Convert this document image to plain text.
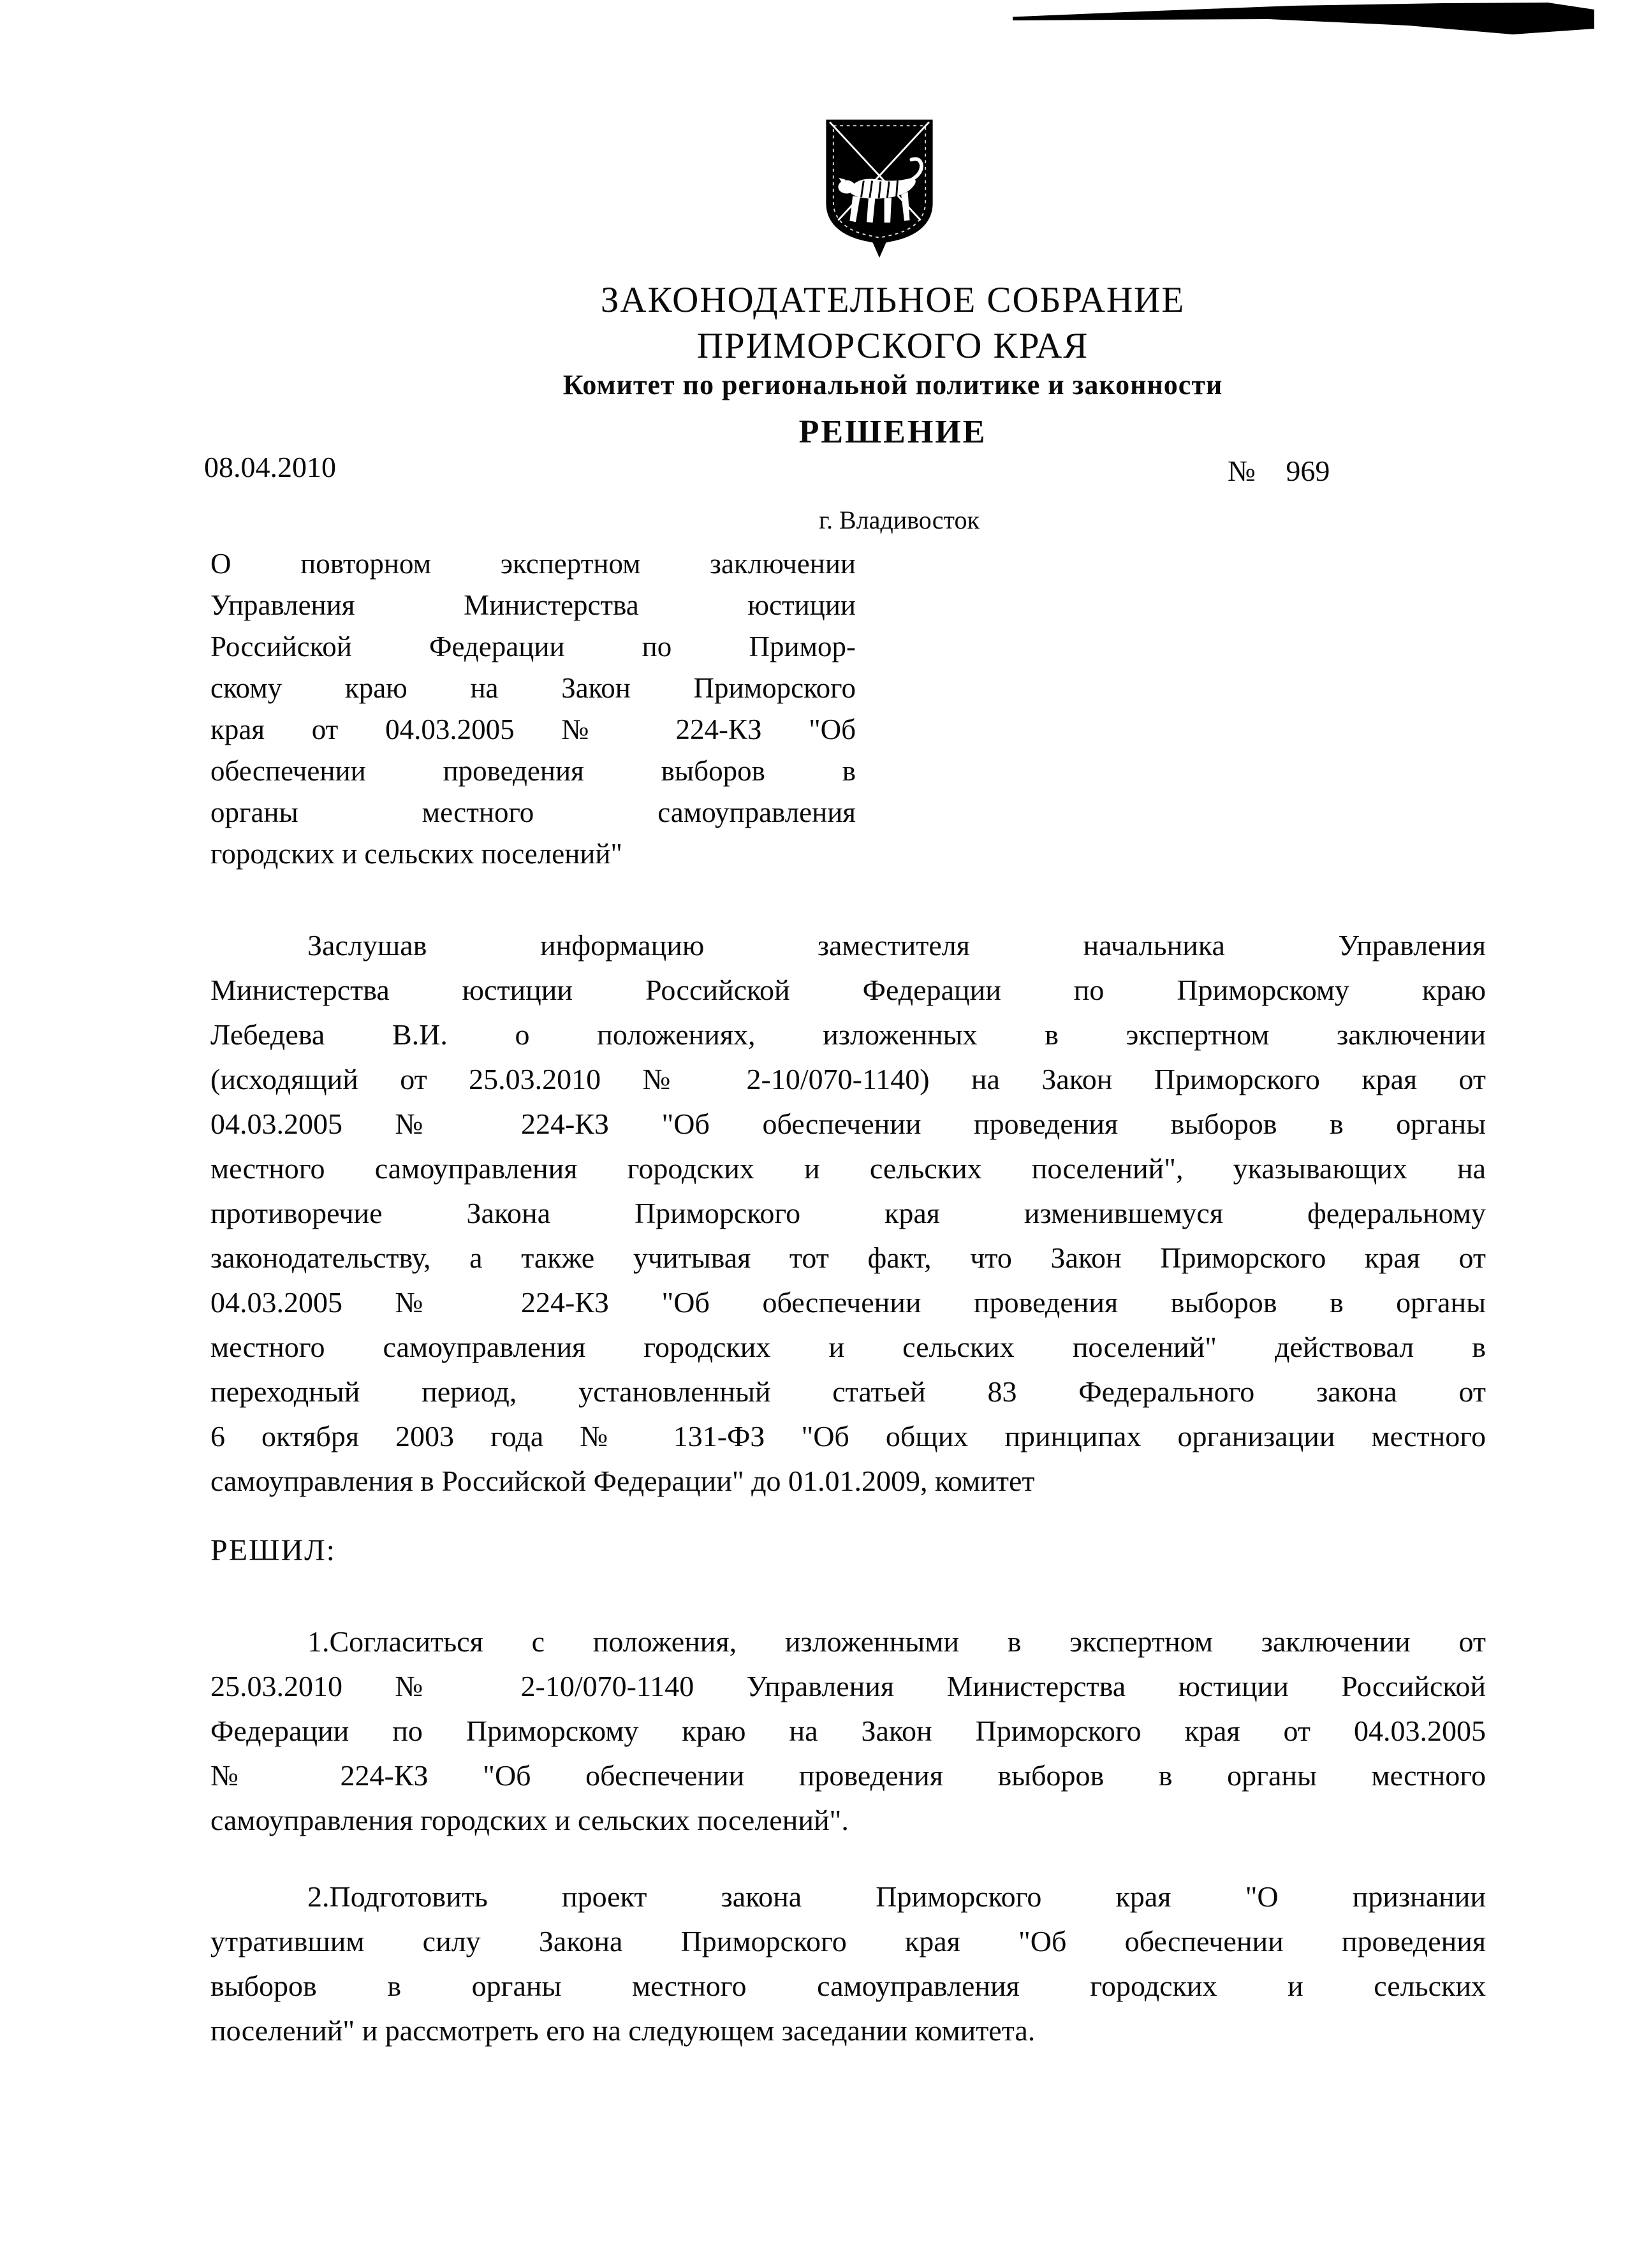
ЗАКОНОДАТЕЛЬНОЕ СОБРАНИЕ
ПРИМОРСКОГО КРАЯ
Комитет по региональной политике и законности
РЕШЕНИЕ
08.04.2010	№ 969
г. Владивосток
О повторном экспертном заключении
Управления Министерства юстиции
Российской Федерации по Примор-
скому краю на Закон Приморского
края от 04.03.2005 № 224-КЗ "Об
обеспечении проведения выборов в
органы местного самоуправления
городских и сельских поселений"
Заслушав информацию заместителя начальника Управления
Министерства юстиции Российской Федерации по Приморскому краю
Лебедева В.И. о положениях, изложенных в экспертном заключении
(исходящий от 25.03.2010 № 2-10/070-1140) на Закон Приморского края от
04.03.2005 № 224-КЗ "Об обеспечении проведения выборов в органы
местного самоуправления городских и сельских поселений", указывающих на
противоречие Закона Приморского края изменившемуся федеральному
законодательству, а также учитывая тот факт, что Закон Приморского края от
04.03.2005 № 224-КЗ "Об обеспечении проведения выборов в органы
местного самоуправления городских и сельских поселений" действовал в
переходный период, установленный статьей 83 Федерального закона от
6 октября 2003 года № 131-ФЗ "Об общих принципах организации местного
самоуправления в Российской Федерации" до 01.01.2009, комитет
РЕШИЛ:
1.Согласиться с положения, изложенными в экспертном заключении от
25.03.2010 № 2-10/070-1140 Управления Министерства юстиции Российской
Федерации по Приморскому краю на Закон Приморского края от 04.03.2005
№ 224-КЗ "Об обеспечении проведения выборов в органы местного
самоуправления городских и сельских поселений".
2.Подготовить проект закона Приморского края "О признании
утратившим силу Закона Приморского края "Об обеспечении проведения
выборов в органы местного самоуправления городских и сельских
поселений" и рассмотреть его на следующем заседании комитета.
